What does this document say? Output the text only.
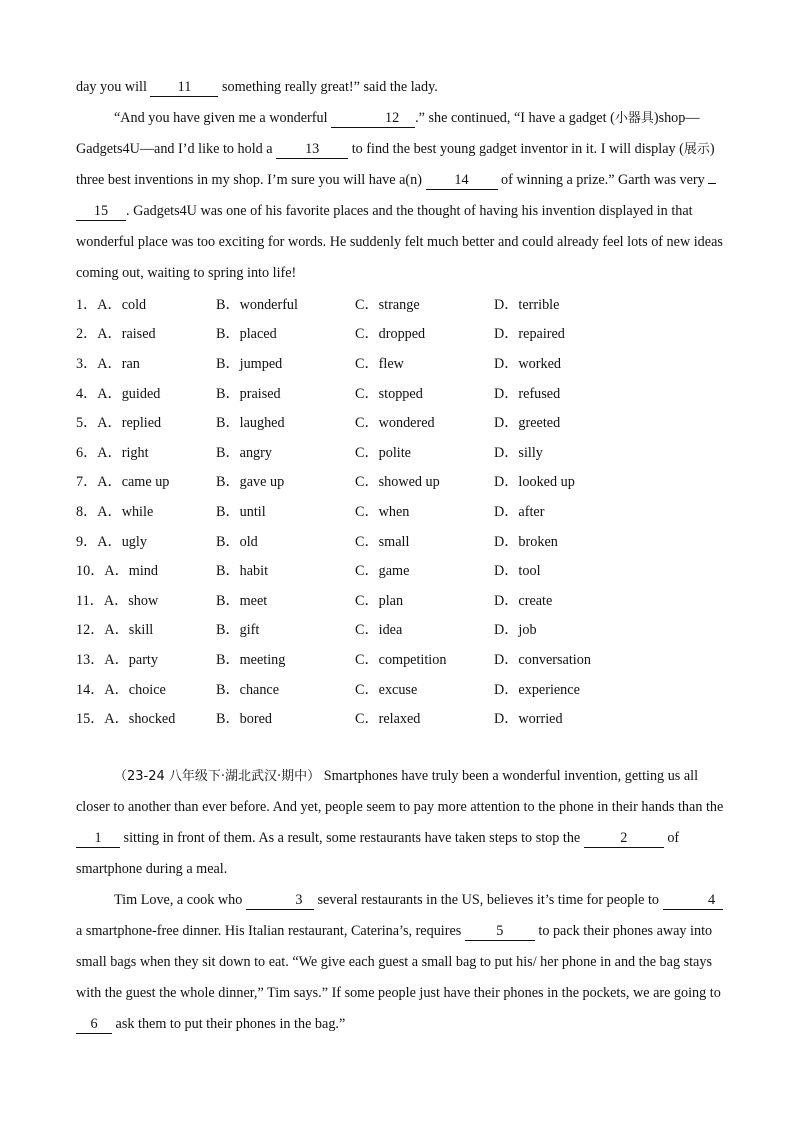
day you will 11 something really great!” said the lady.

“And you have given me a wonderful	12 .” she continued, “I have a gadget (小器具)shop—

Gadgets4U—and I’d like to hold a 13 to find the best young gadget inventor in it. I will display (展示)

three best inventions in my shop. I’m sure you will have a(n) 14 of winning a prize.” Garth was very

15 . Gadgets4U was one of his favorite places and the thought of having his invention displayed in that

wonderful place was too exciting for words. He suddenly felt much better and could already feel lots of new ideas

coming out, waiting to spring into life!

1．A．cold	B．wonderful	C．strange	D．terrible
2．A．raised	B．placed	C．dropped	D．repaired
3．A．ran	B．jumped	C．flew	D．worked
4．A．guided	B．praised	C．stopped	D．refused
5．A．replied	B．laughed	C．wondered	D．greeted
6．A．right	B．angry	C．polite	D．silly
7．A．came up	B．gave up	C．showed up	D．looked up
8．A．while	B．until	C．when	D．after
9．A．ugly	B．old	C．small	D．broken
10．A．mind	B．habit	C．game	D．tool
11．A．show	B．meet	C．plan	D．create
12．A．skill	B．gift	C．idea	D．job
13．A．party	B．meeting	C．competition	D．conversation
14．A．choice	B．chance	C．excuse	D．experience
15．A．shocked	B．bored	C．relaxed	D．worried

（23-24 八年级下·湖北武汉·期中） Smartphones have truly been a wonderful invention, getting us all

closer to another than ever before. And yet, people seem to pay more attention to the phone in their hands than the

1 sitting in front of them. As a result, some restaurants have taken steps to stop the	2	of

smartphone during a meal.

Tim Love, a cook who	3 several restaurants in the US, believes it’s time for people to	4

a smartphone-free dinner. His Italian restaurant, Caterina’s, requires 5 to pack their phones away into

small bags when they sit down to eat. “We give each guest a small bag to put his/ her phone in and the bag stays

with the guest the whole dinner,” Tim says.” If some people just have their phones in the pockets, we are going to

6 ask them to put their phones in the bag.”
